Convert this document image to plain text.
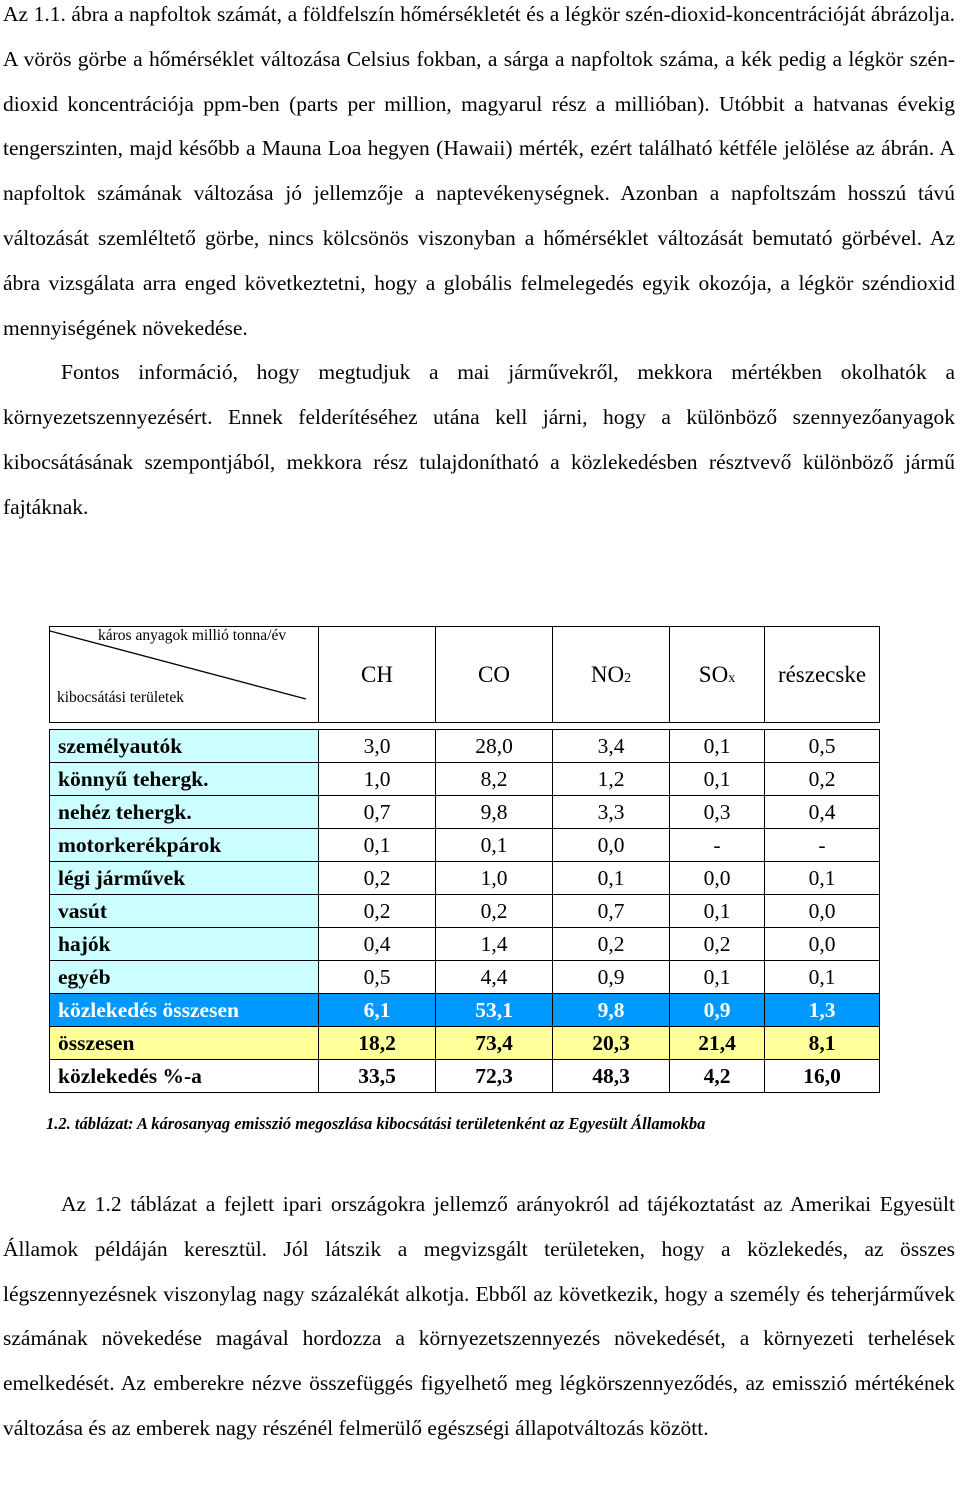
Az 1.1. ábra a napfoltok számát, a földfelszín hőmérsékletét és a légkör szén-dioxid-koncentrációját ábrázolja. A vörös görbe a hőmérséklet változása Celsius fokban, a sárga a napfoltok száma, a kék pedig a légkör szén-dioxid koncentrációja ppm-ben (parts per million, magyarul rész a millióban). Utóbbit a hatvanas évekig tengerszinten, majd később a Mauna Loa hegyen (Hawaii) mérték, ezért található kétféle jelölése az ábrán. A napfoltok számának változása jó jellemzője a naptevékenységnek. Azonban a napfoltszám hosszú távú változását szemléltető görbe, nincs kölcsönös viszonyban a hőmérséklet változását bemutató görbével. Az ábra vizsgálata arra enged következtetni, hogy a globális felmelegedés egyik okozója, a légkör széndioxid mennyiségének növekedése.
Fontos információ, hogy megtudjuk a mai járművekről, mekkora mértékben okolhatók a környezetszennyezésért. Ennek felderítéséhez utána kell járni, hogy a különböző szennyezőanyagok kibocsátásának szempontjából, mekkora rész tulajdonítható a közlekedésben résztvevő különböző jármű fajtáknak.
káros anyagok millió tonna/év
kibocsátási területek	CH	CO	NO2	SOx	részecske

személyautók	3,0	28,0	3,4	0,1	0,5
könnyű tehergk.	1,0	8,2	1,2	0,1	0,2
nehéz tehergk.	0,7	9,8	3,3	0,3	0,4
motorkerékpárok	0,1	0,1	0,0	-	-
légi járművek	0,2	1,0	0,1	0,0	0,1
vasút	0,2	0,2	0,7	0,1	0,0
hajók	0,4	1,4	0,2	0,2	0,0
egyéb	0,5	4,4	0,9	0,1	0,1
közlekedés összesen	6,1	53,1	9,8	0,9	1,3
összesen	18,2	73,4	20,3	21,4	8,1
közlekedés %-a	33,5	72,3	48,3	4,2	16,0

1.2. táblázat: A károsanyag emisszió megoszlása kibocsátási területenként az Egyesült Államokba

Az 1.2 táblázat a fejlett ipari országokra jellemző arányokról ad tájékoztatást az Amerikai Egyesült Államok példáján keresztül. Jól látszik a megvizsgált területeken, hogy a közlekedés, az összes légszennyezésnek viszonylag nagy százalékát alkotja. Ebből az következik, hogy a személy és teherjárművek számának növekedése magával hordozza a környezetszennyezés növekedését, a környezeti terhelések emelkedését. Az emberekre nézve összefüggés figyelhető meg légkörszennyeződés, az emisszió mértékének változása és az emberek nagy részénél felmerülő egészségi állapotváltozás között.
